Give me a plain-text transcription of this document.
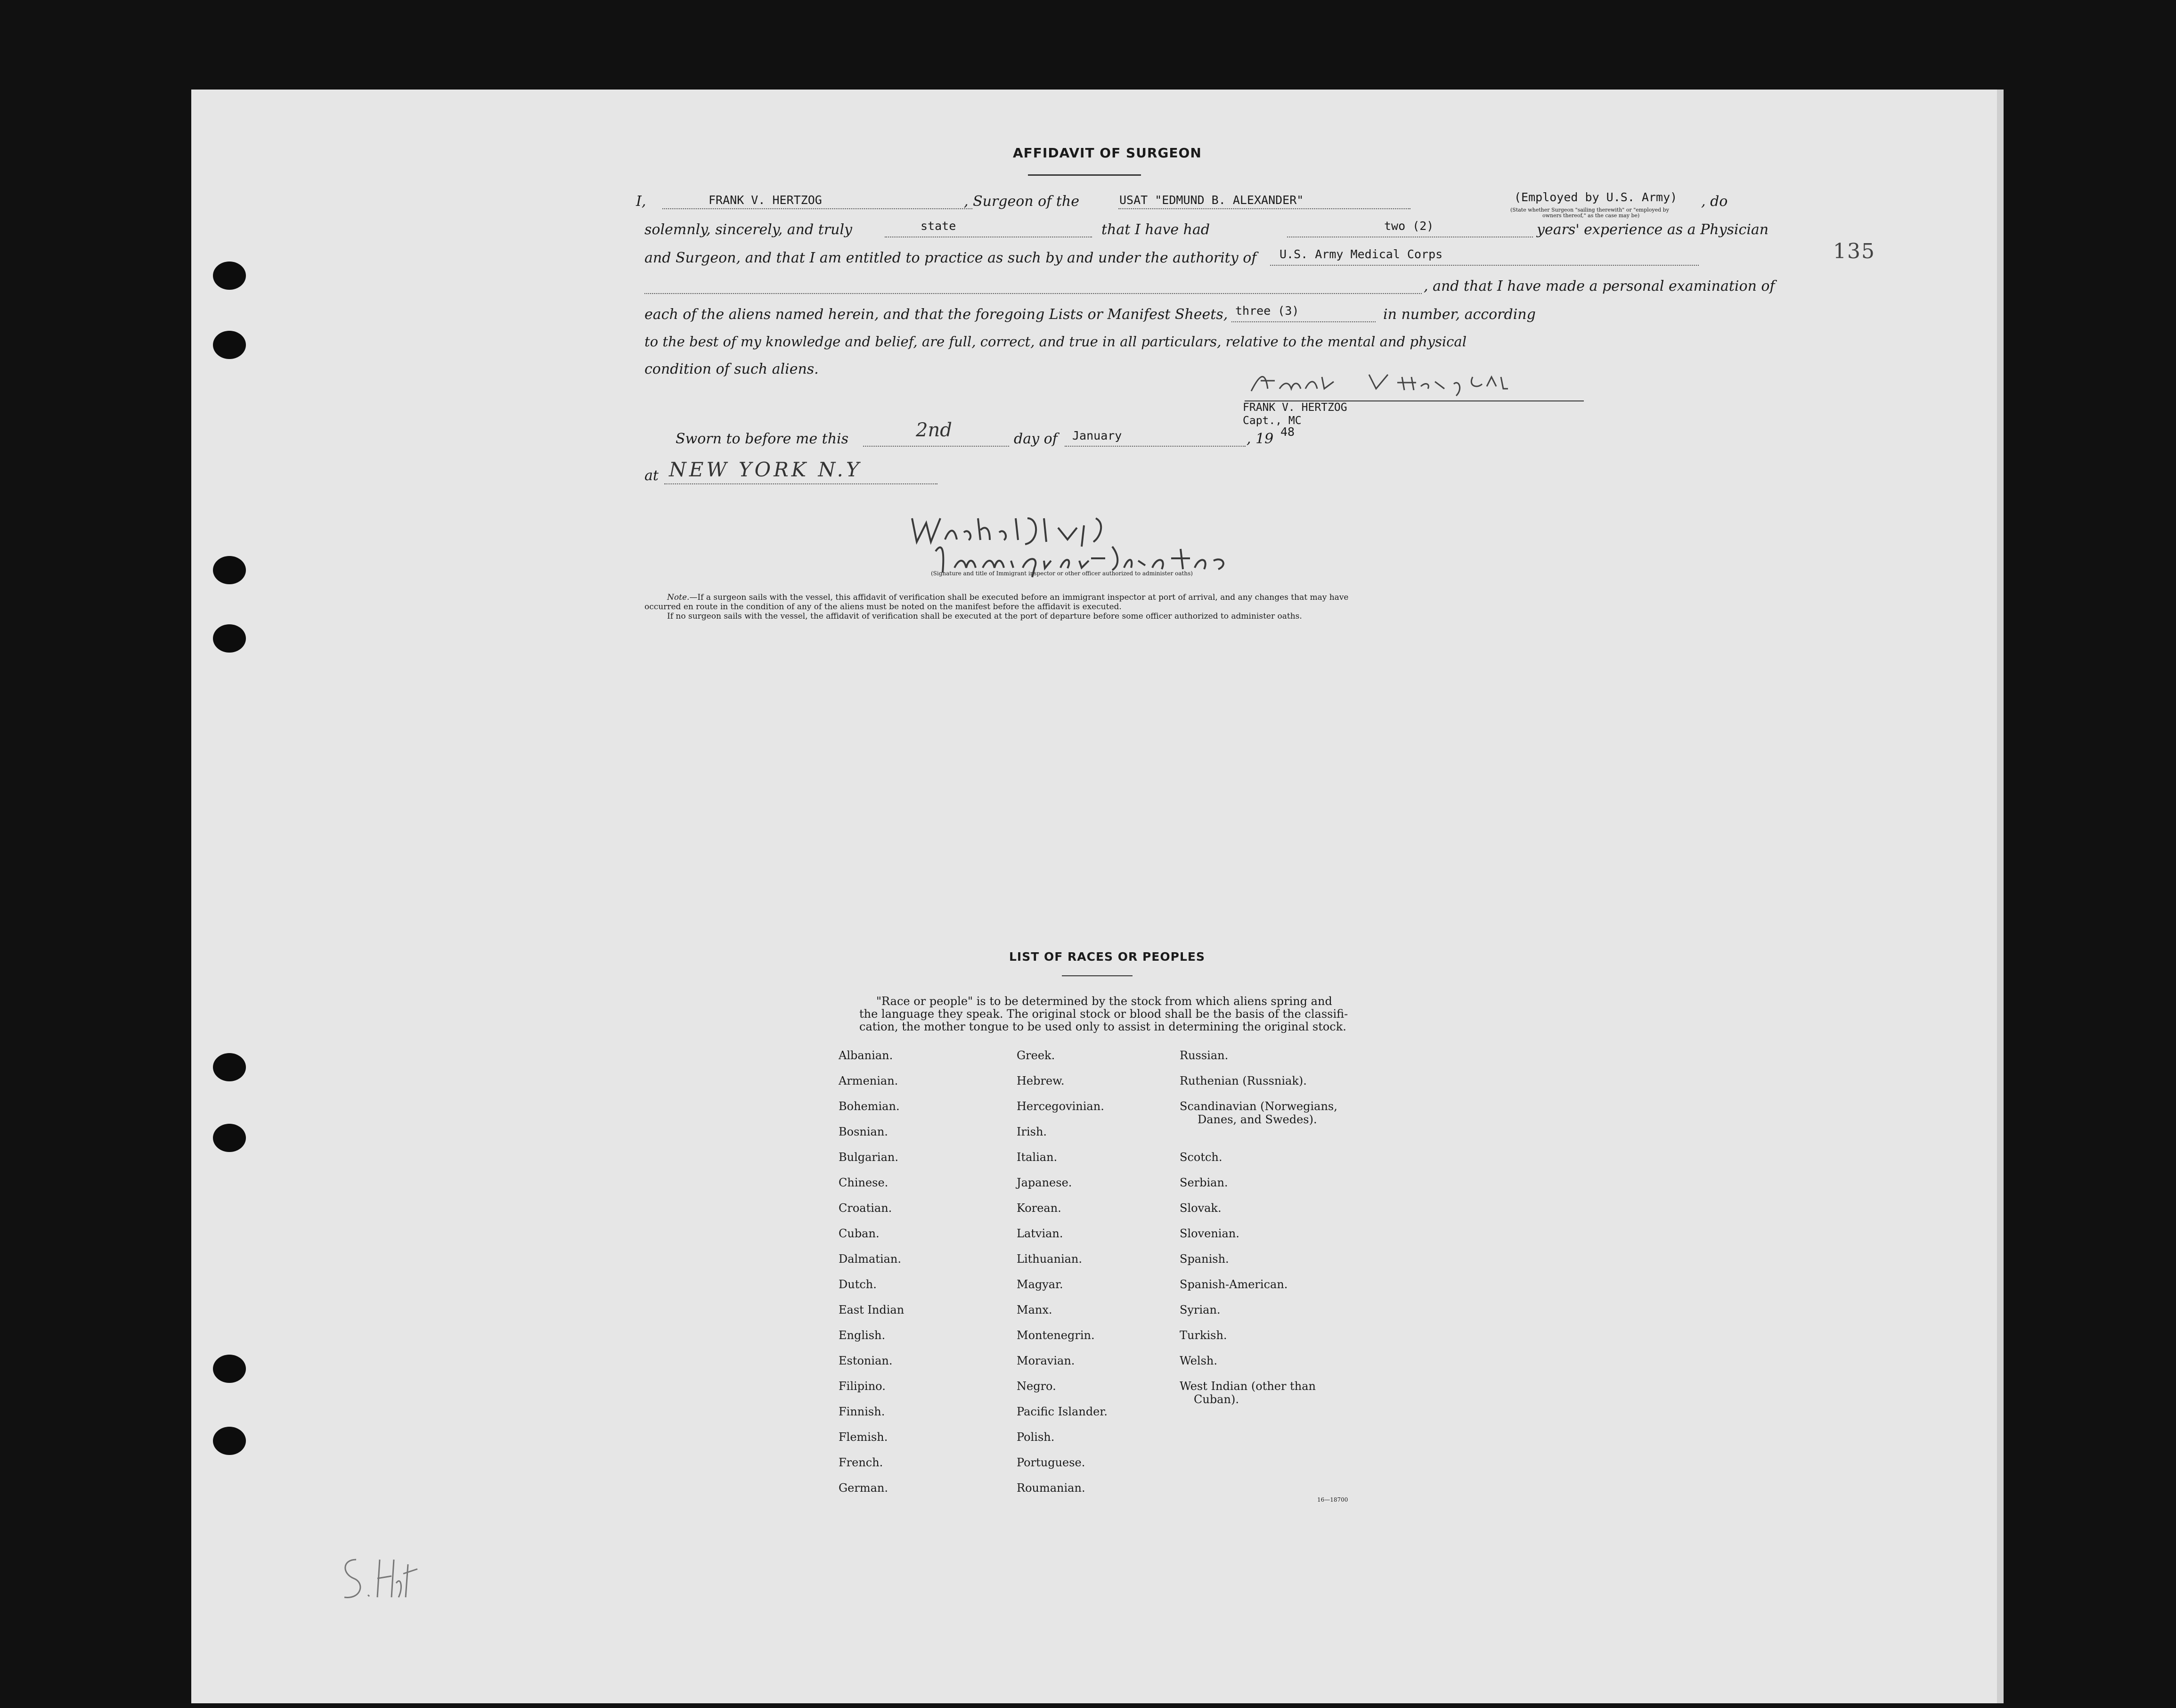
135
AFFIDAVIT OF SURGEON
I,	FRANK V. HERTZOG	, Surgeon of the	USAT "EDMUND B. ALEXANDER"	(Employed by U.S. Army)
(State whether Surgeon "sailing therewith" or "employed by
owners thereof," as the case may be)
, do
solemnly, sincerely, and truly	state	that I have had	two (2)	years' experience as a Physician
and Surgeon, and that I am entitled to practice as such by and under the authority of U.S. Army Medical Corps
, and that I have made a personal examination of
each of the aliens named herein, and that the foregoing Lists or Manifest Sheets, three (3)	in number, according
to the best of my knowledge and belief, are full, correct, and true in all particulars, relative to the mental and physical
condition of such aliens.
FRANK V. HERTZOG
Capt., MC
Sworn to before me this	2nd	day of January	, 19 48
at NEW YORK N.Y
(Signature and title of Immigrant inspector or other officer authorized to administer oaths)
Note.—If a surgeon sails with the vessel, this affidavit of verification shall be executed before an immigrant inspector at port of arrival, and any changes that may have
occurred en route in the condition of any of the aliens must be noted on the manifest before the affidavit is executed.
If no surgeon sails with the vessel, the affidavit of verification shall be executed at the port of departure before some officer authorized to administer oaths.
LIST OF RACES OR PEOPLES
"Race or people" is to be determined by the stock from which aliens spring and
the language they speak. The original stock or blood shall be the basis of the classifi-
cation, the mother tongue to be used only to assist in determining the original stock.
Albanian.
Armenian.
Bohemian.
Bosnian.
Bulgarian.
Chinese.
Croatian.
Cuban.
Dalmatian.
Dutch.
East Indian
English.
Estonian.
Filipino.
Finnish.
Flemish.
French.
German.
Greek.
Hebrew.
Hercegovinian.
Irish.
Italian.
Japanese.
Korean.
Latvian.
Lithuanian.
Magyar.
Manx.
Montenegrin.
Moravian.
Negro.
Pacific Islander.
Polish.
Portuguese.
Roumanian.
Russian.
Ruthenian (Russniak).
Scandinavian (Norwegians,
Danes, and Swedes).
Scotch.
Serbian.
Slovak.
Slovenian.
Spanish.
Spanish-American.
Syrian.
Turkish.
Welsh.
West Indian (other than
Cuban).
16—18700
